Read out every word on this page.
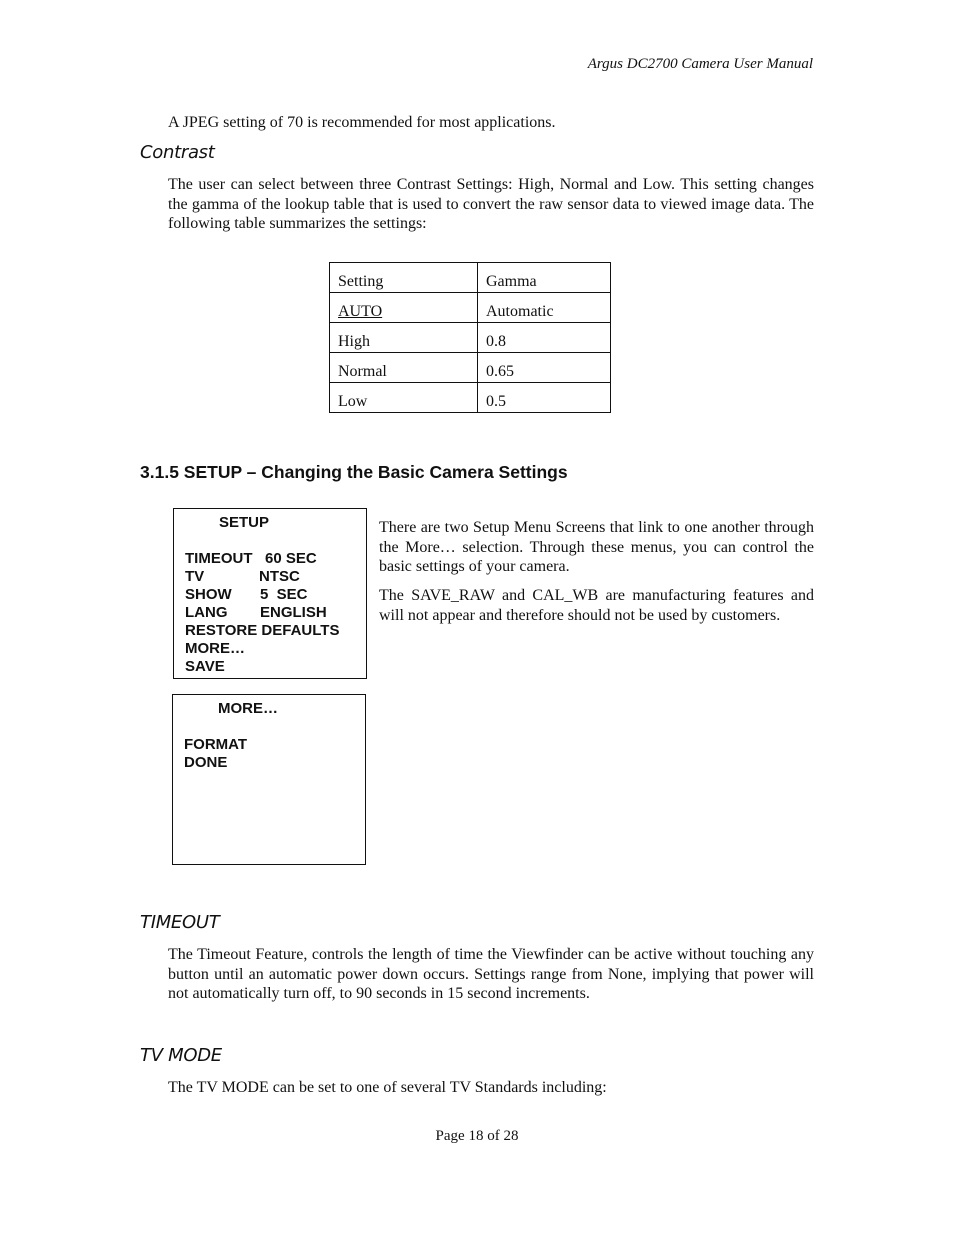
Argus DC2700 Camera User Manual
A JPEG setting of 70 is recommended for most applications.
Contrast
The user can select between three Contrast Settings: High, Normal and Low. This setting changes the gamma of the lookup table that is used to convert the raw sensor data to viewed image data. The following table summarizes the settings:
Setting	Gamma
AUTO	Automatic
High	0.8
Normal	0.65
Low	0.5
3.1.5 SETUP – Changing the Basic Camera Settings
SETUP
TIMEOUT 60 SEC
TV	NTSC
SHOW 5  SEC
LANG ENGLISH
RESTORE DEFAULTS
MORE…
SAVE
MORE…
FORMAT
DONE
There are two Setup Menu Screens that link to one another through the More… selection. Through these menus, you can control the basic settings of your camera.
The SAVE_RAW and CAL_WB are manufacturing features and will not appear and therefore should not be used by customers.
TIMEOUT
The Timeout Feature, controls the length of time the Viewfinder can be active without touching any button until an automatic power down occurs. Settings range from None, implying that power will not automatically turn off, to 90 seconds in 15 second increments.
TV MODE
The TV MODE can be set to one of several TV Standards including:
Page 18 of 28
